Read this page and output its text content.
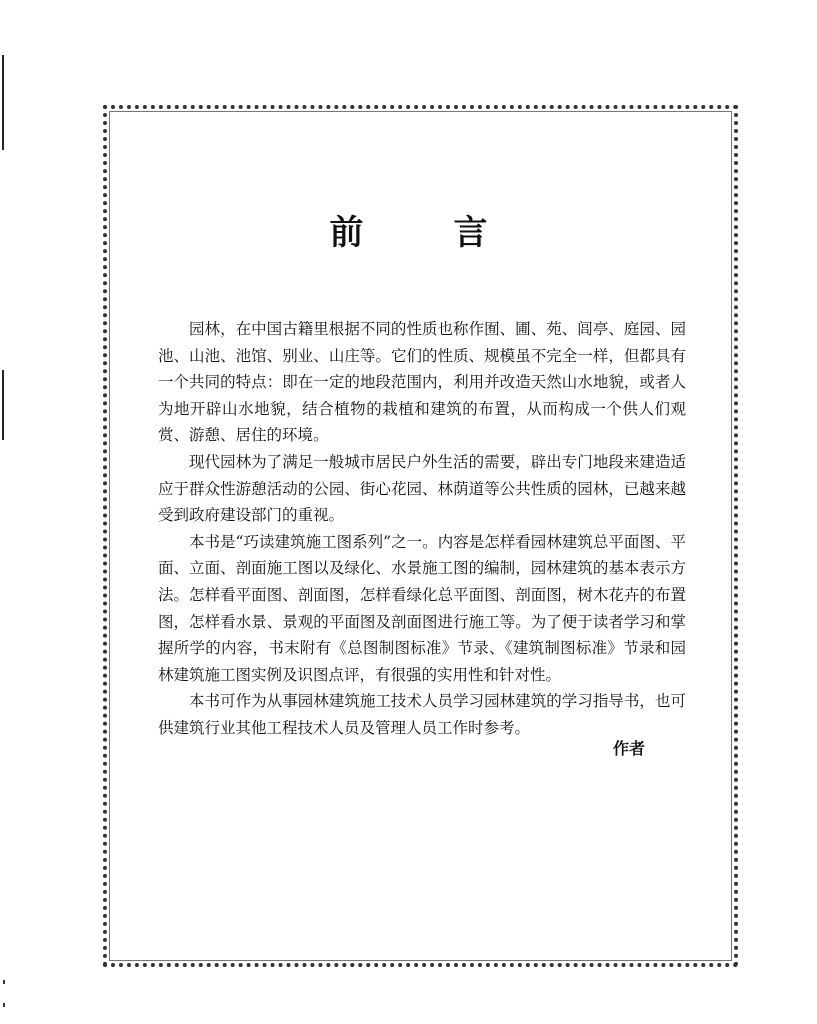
前	言

园林，在中国古籍里根据不同的性质也称作囿、圃、苑、闾亭、庭园、园池、山池、池馆、别业、山庄等。它们的性质、规模虽不完全一样，但都具有一个共同的特点：即在一定的地段范围内，利用并改造天然山水地貌，或者人为地开辟山水地貌，结合植物的栽植和建筑的布置，从而构成一个供人们观赏、游憩、居住的环境。

现代园林为了满足一般城市居民户外生活的需要，辟出专门地段来建造适应于群众性游憩活动的公园、街心花园、林荫道等公共性质的园林，已越来越受到政府建设部门的重视。

本书是“巧读建筑施工图系列”之一。内容是怎样看园林建筑总平面图、平面、立面、剖面施工图以及绿化、水景施工图的编制，园林建筑的基本表示方法。怎样看平面图、剖面图，怎样看绿化总平面图、剖面图，树木花卉的布置图，怎样看水景、景观的平面图及剖面图进行施工等。为了便于读者学习和掌握所学的内容，书末附有《总图制图标准》节录、《建筑制图标准》节录和园林建筑施工图实例及识图点评，有很强的实用性和针对性。

本书可作为从事园林建筑施工技术人员学习园林建筑的学习指导书，也可供建筑行业其他工程技术人员及管理人员工作时参考。

作者
